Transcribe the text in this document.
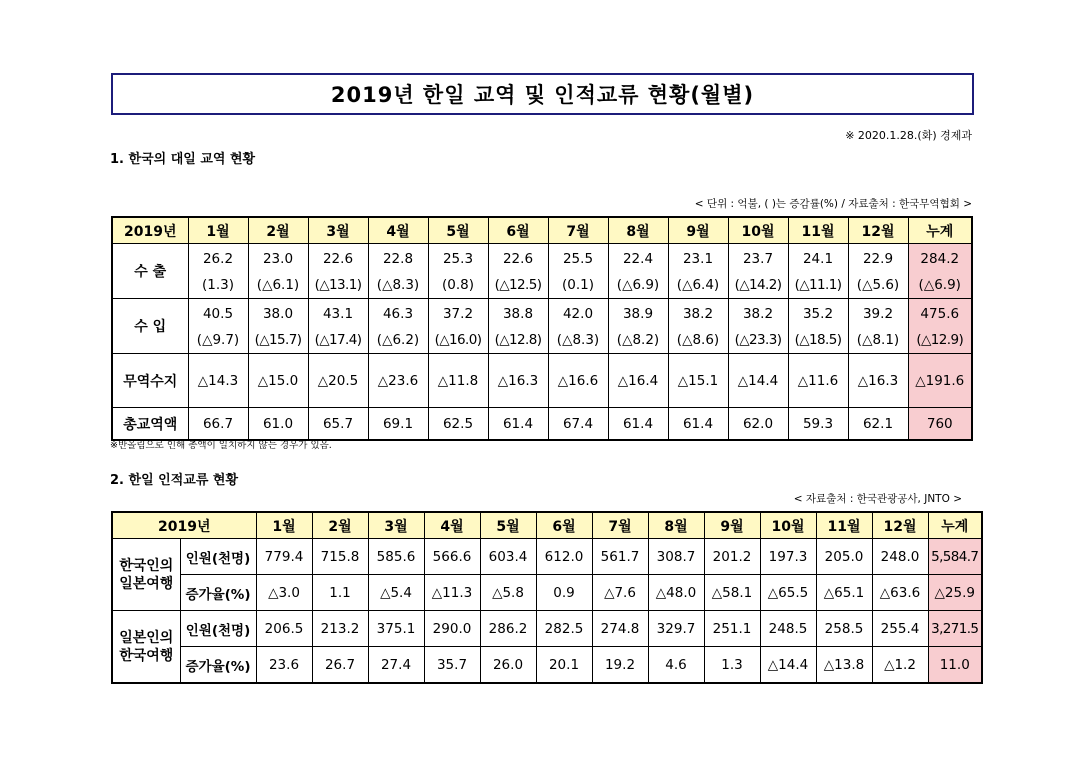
2019년 한일 교역 및 인적교류 현황(월별)
※ 2020.1.28.(화) 경제과
1. 한국의 대일 교역 현황
< 단위 : 억불, ( )는 증감률(%) / 자료출처 : 한국무역협회 >
2019년	1월	2월	3월	4월	5월	6월	7월	8월	9월	10월	11월	12월	누계
수 출	26.2	23.0	22.6	22.8	25.3	22.6	25.5	22.4	23.1	23.7	24.1	22.9	284.2
	(1.3)	(△6.1)	(△13.1)	(△8.3)	(0.8)	(△12.5)	(0.1)	(△6.9)	(△6.4)	(△14.2)	(△11.1)	(△5.6)	(△6.9)
수 입	40.5	38.0	43.1	46.3	37.2	38.8	42.0	38.9	38.2	38.2	35.2	39.2	475.6
	(△9.7)	(△15.7)	(△17.4)	(△6.2)	(△16.0)	(△12.8)	(△8.3)	(△8.2)	(△8.6)	(△23.3)	(△18.5)	(△8.1)	(△12.9)
무역수지	△14.3	△15.0	△20.5	△23.6	△11.8	△16.3	△16.6	△16.4	△15.1	△14.4	△11.6	△16.3	△191.6
총교역액	66.7	61.0	65.7	69.1	62.5	61.4	67.4	61.4	61.4	62.0	59.3	62.1	760
※반올림으로 인해 총액이 일치하지 않는 경우가 있음.
2. 한일 인적교류 현황
< 자료출처 : 한국관광공사, JNTO >
2019년		1월	2월	3월	4월	5월	6월	7월	8월	9월	10월	11월	12월	누계
한국인의 일본여행	인원(천명)	779.4	715.8	585.6	566.6	603.4	612.0	561.7	308.7	201.2	197.3	205.0	248.0	5,584.7
	증가율(%)	△3.0	1.1	△5.4	△11.3	△5.8	0.9	△7.6	△48.0	△58.1	△65.5	△65.1	△63.6	△25.9
일본인의 한국여행	인원(천명)	206.5	213.2	375.1	290.0	286.2	282.5	274.8	329.7	251.1	248.5	258.5	255.4	3,271.5
	증가율(%)	23.6	26.7	27.4	35.7	26.0	20.1	19.2	4.6	1.3	△14.4	△13.8	△1.2	11.0
